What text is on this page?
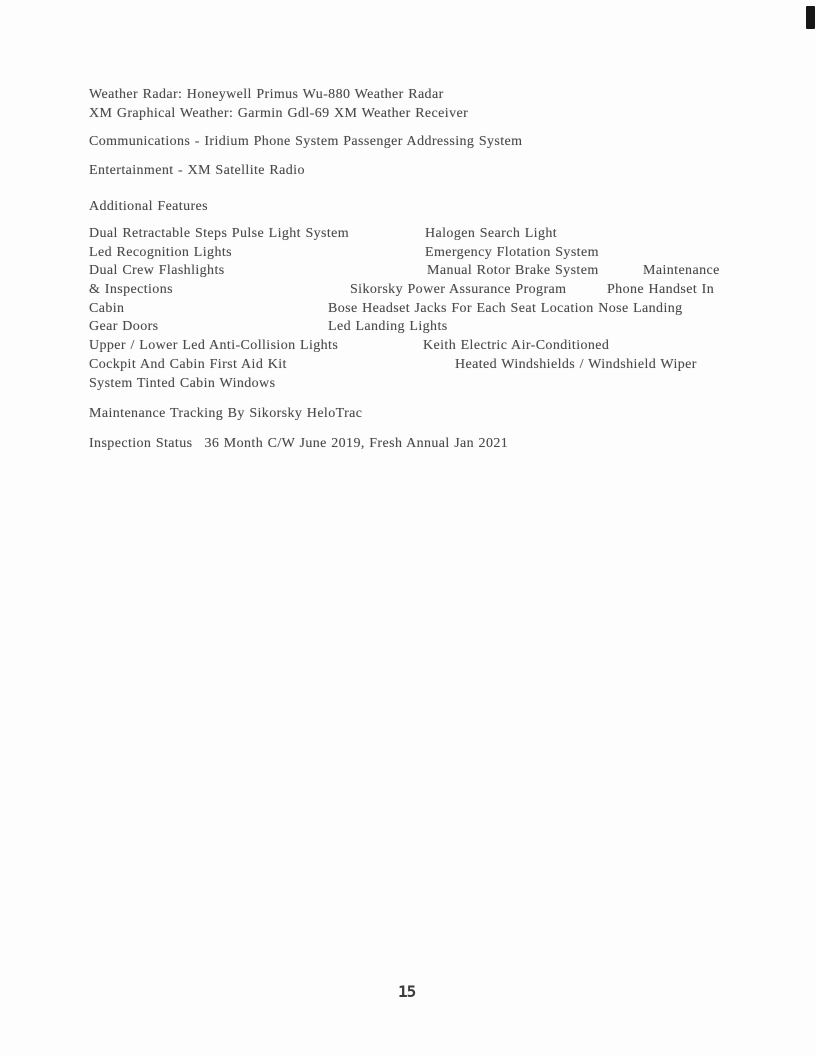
Weather Radar: Honeywell Primus Wu-880 Weather Radar
XM Graphical Weather: Garmin Gdl-69 XM Weather Receiver
Communications - Iridium Phone System Passenger Addressing System
Entertainment - XM Satellite Radio
Additional Features
Dual Retractable Steps Pulse Light System	Halogen Search Light
Led Recognition Lights	Emergency Flotation System
Dual Crew Flashlights	Manual Rotor Brake System	Maintenance
& Inspections	Sikorsky Power Assurance Program	Phone Handset In
Cabin	Bose Headset Jacks For Each Seat Location Nose Landing
Gear Doors	Led Landing Lights
Upper / Lower Led Anti-Collision Lights	Keith Electric Air-Conditioned
Cockpit And Cabin First Aid Kit	Heated Windshields / Windshield Wiper
System Tinted Cabin Windows
Maintenance Tracking By Sikorsky HeloTrac
Inspection Status 36 Month C/W June 2019, Fresh Annual Jan 2021
15
